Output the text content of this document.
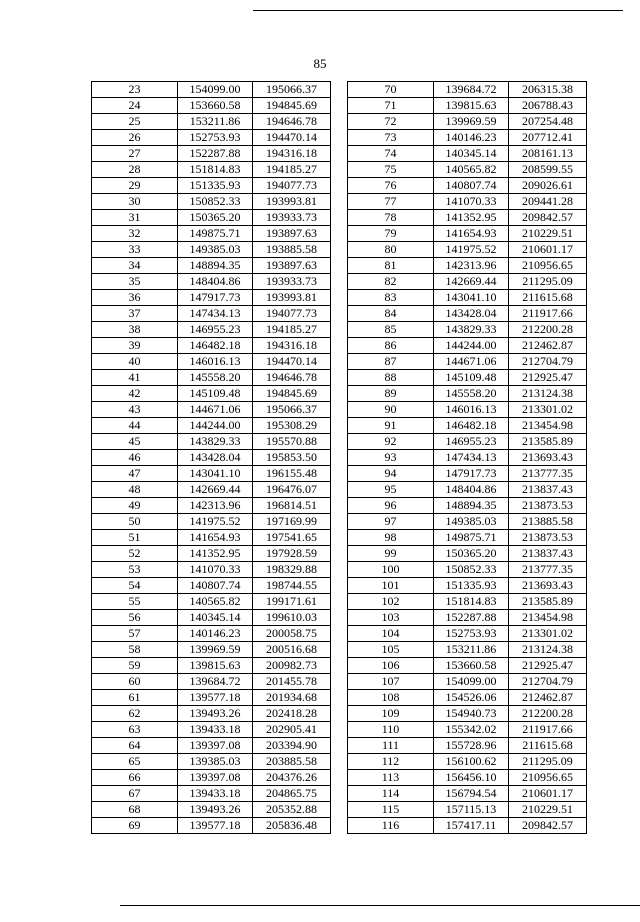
85
23	154099.00	195066.37
24	153660.58	194845.69
25	153211.86	194646.78
26	152753.93	194470.14
27	152287.88	194316.18
28	151814.83	194185.27
29	151335.93	194077.73
30	150852.33	193993.81
31	150365.20	193933.73
32	149875.71	193897.63
33	149385.03	193885.58
34	148894.35	193897.63
35	148404.86	193933.73
36	147917.73	193993.81
37	147434.13	194077.73
38	146955.23	194185.27
39	146482.18	194316.18
40	146016.13	194470.14
41	145558.20	194646.78
42	145109.48	194845.69
43	144671.06	195066.37
44	144244.00	195308.29
45	143829.33	195570.88
46	143428.04	195853.50
47	143041.10	196155.48
48	142669.44	196476.07
49	142313.96	196814.51
50	141975.52	197169.99
51	141654.93	197541.65
52	141352.95	197928.59
53	141070.33	198329.88
54	140807.74	198744.55
55	140565.82	199171.61
56	140345.14	199610.03
57	140146.23	200058.75
58	139969.59	200516.68
59	139815.63	200982.73
60	139684.72	201455.78
61	139577.18	201934.68
62	139493.26	202418.28
63	139433.18	202905.41
64	139397.08	203394.90
65	139385.03	203885.58
66	139397.08	204376.26
67	139433.18	204865.75
68	139493.26	205352.88
69	139577.18	205836.48
70	139684.72	206315.38
71	139815.63	206788.43
72	139969.59	207254.48
73	140146.23	207712.41
74	140345.14	208161.13
75	140565.82	208599.55
76	140807.74	209026.61
77	141070.33	209441.28
78	141352.95	209842.57
79	141654.93	210229.51
80	141975.52	210601.17
81	142313.96	210956.65
82	142669.44	211295.09
83	143041.10	211615.68
84	143428.04	211917.66
85	143829.33	212200.28
86	144244.00	212462.87
87	144671.06	212704.79
88	145109.48	212925.47
89	145558.20	213124.38
90	146016.13	213301.02
91	146482.18	213454.98
92	146955.23	213585.89
93	147434.13	213693.43
94	147917.73	213777.35
95	148404.86	213837.43
96	148894.35	213873.53
97	149385.03	213885.58
98	149875.71	213873.53
99	150365.20	213837.43
100	150852.33	213777.35
101	151335.93	213693.43
102	151814.83	213585.89
103	152287.88	213454.98
104	152753.93	213301.02
105	153211.86	213124.38
106	153660.58	212925.47
107	154099.00	212704.79
108	154526.06	212462.87
109	154940.73	212200.28
110	155342.02	211917.66
111	155728.96	211615.68
112	156100.62	211295.09
113	156456.10	210956.65
114	156794.54	210601.17
115	157115.13	210229.51
116	157417.11	209842.57
